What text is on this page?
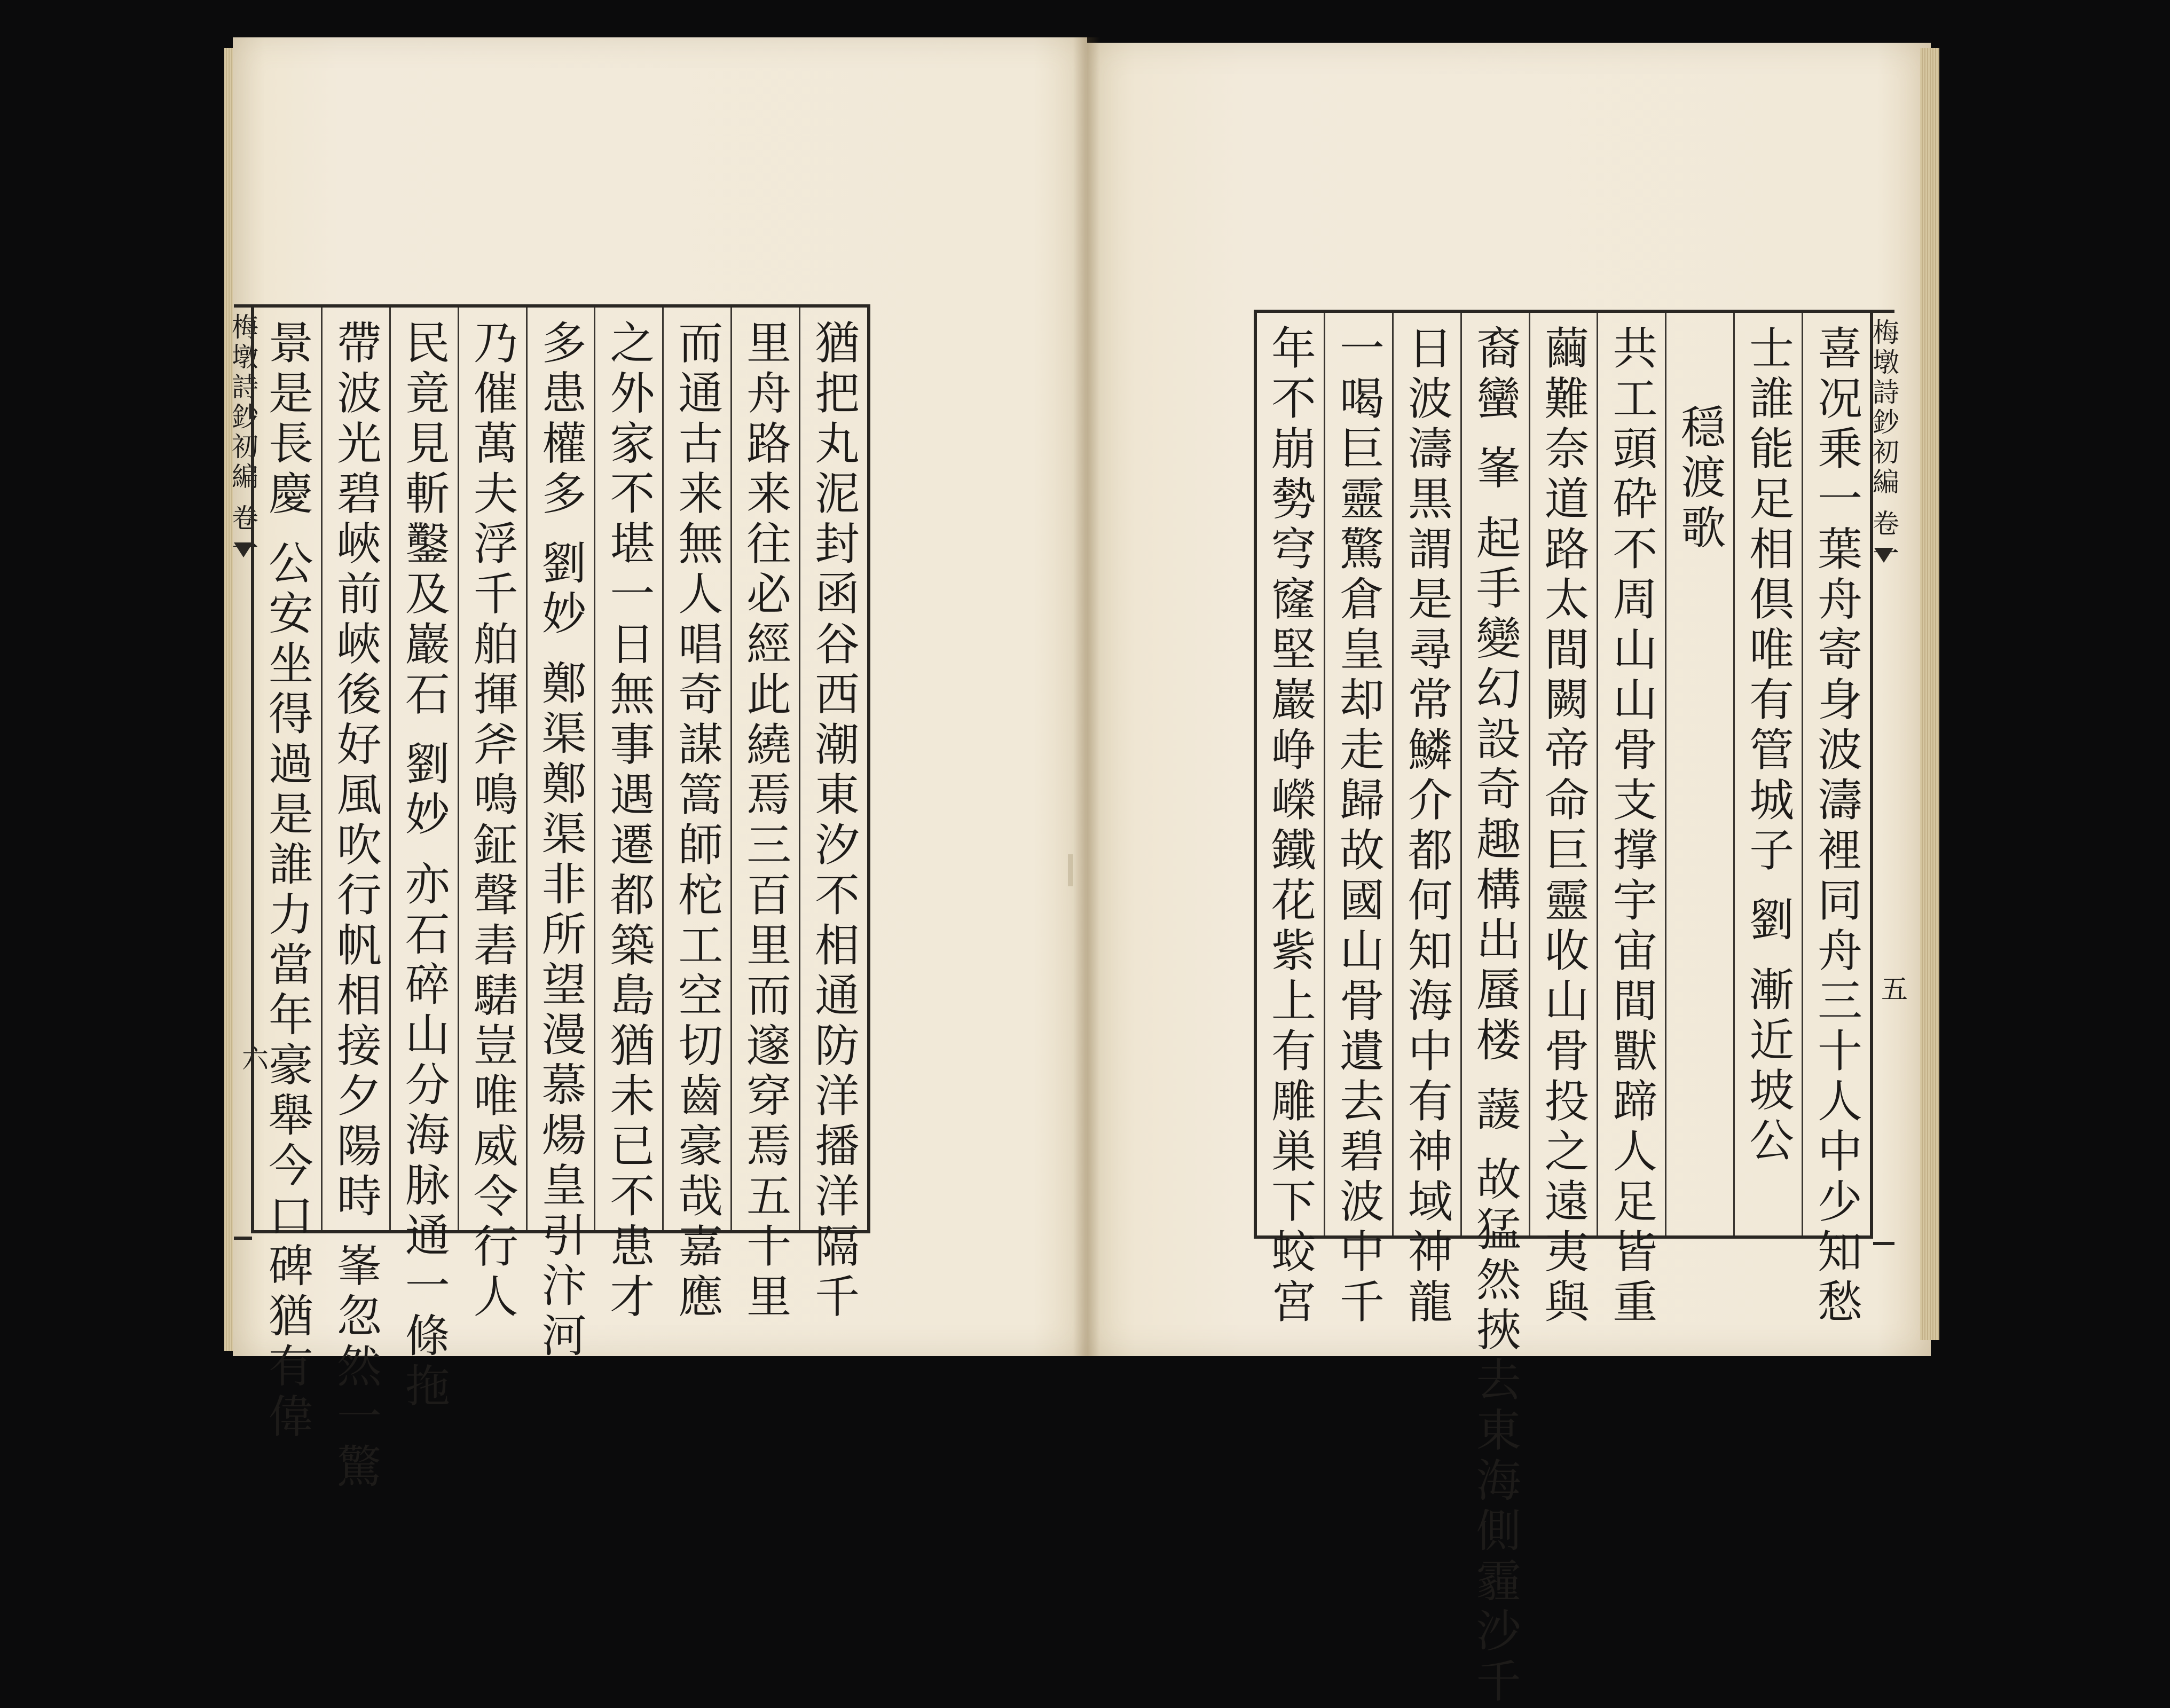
梅墩詩鈔初編 卷一
六	猶把丸泥封函谷西潮東汐不相通防洋播洋隔千
里舟路来往必經此繞焉三百里而邃穿焉五十里
而通古来無人唱奇謀篙師柁工空切齒豪哉嘉應
之外家不堪一日無事遇遷都築島猶未已不患才
多患權多 劉妙 鄭渠鄭渠非所望漫慕煬皇引汴河
乃催萬夫浮千舶揮斧鳴鉦聲砉騞豈唯威令行人
民竟見斬鑿及巖石 劉妙 亦石碎山分海脉通一條拖
帶波光碧峽前峽後好風吹行帆相接夕陽時 峯忽然一驚
景是長慶 公安坐得過是誰力當年豪舉今口碑猶有偉	喜况乗一葉舟寄身波濤裡同舟三十人中少知愁
士誰能足相倶唯有管城子 劉 漸近坡公
穏渡歌
共工頭砕不周山山骨支撑宇宙間獸蹄人足皆重
繭難奈道路太間闕帝命巨靈收山骨投之遠夷與
裔蠻 峯 起手變幻設奇趣構出蜃楼 蘐 故猛然挾去東海側霾沙千
日波濤黒謂是尋常鱗介都何知海中有神域神龍
一喝巨靈驚倉皇却走歸故國山骨遺去碧波中千
年不崩勢穹窿堅巖峥嶸鐵花紫上有雕巣下蛟宮	梅墩詩鈔初編 卷一
五
